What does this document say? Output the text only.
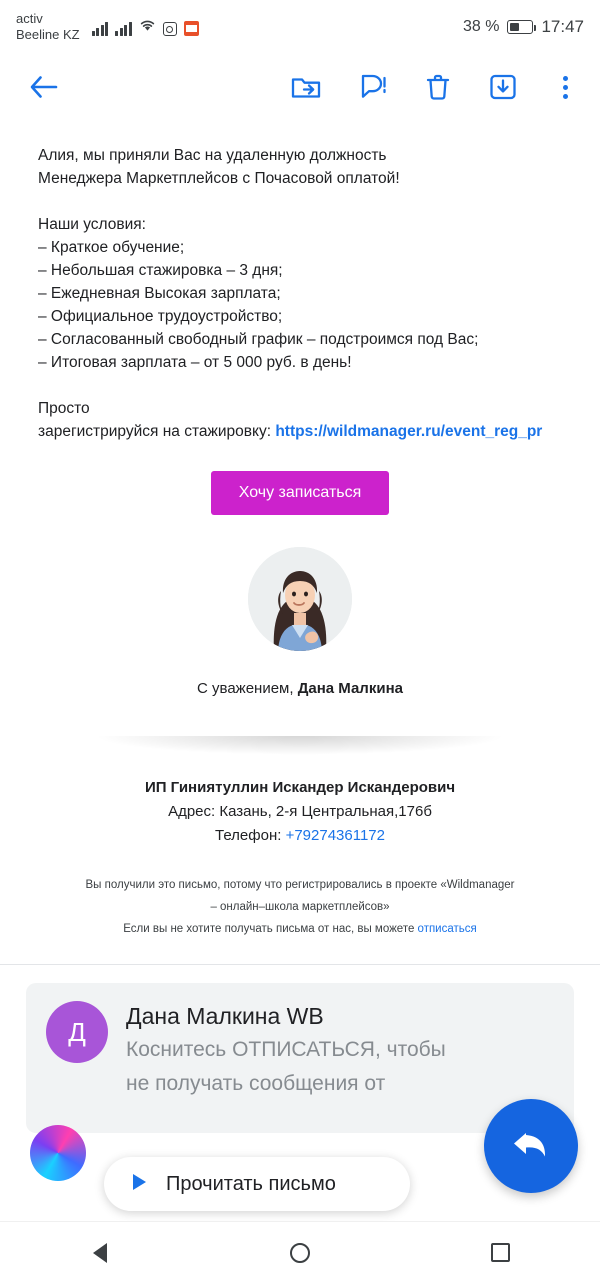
activ
Beeline KZ	38 % 17:47

Алия, мы приняли Вас на удаленную должность

Менеджера Маркетплейсов с Почасовой оплатой!

Наши условия:

– Краткое обучение;

– Небольшая стажировка – 3 дня;

– Ежедневная Высокая зарплата;

– Официальное трудоустройство;

– Согласованный свободный график – подстроимся под Вас;

– Итоговая зарплата – от 5 000 руб. в день!

Просто

зарегистрируйся на стажировку: https://wildmanager.ru/event_reg_pr

Хочу записаться
С уважением, Дана Малкина
ИП Гиниятуллин Искандер Искандерович
Адрес: Казань, 2-я Центральная,176б
Телефон: +79274361172
Вы получили это письмо, потому что регистрировались в проекте «Wildmanager
– онлайн–школа маркетплейсов»
Если вы не хотите получать письма от нас, вы можете отписаться
Д
Дана Малкина WB
Коснитесь ОТПИСАТЬСЯ, чтобы
не получать сообщения от
Прочитать письмо
